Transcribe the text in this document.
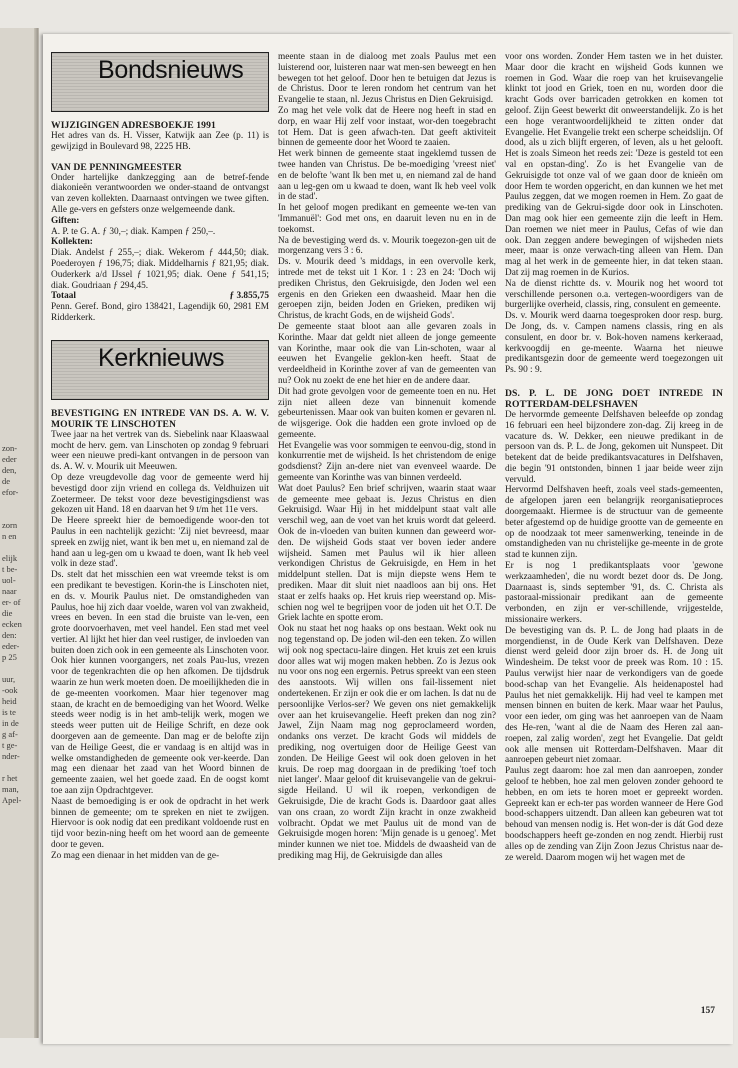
zon-
eder
den,
de
efor-
zorn
n en
elijk
t be-
uol-
naar
er- of
die
ecken
den:
eder-
p 25
uur,
-ook
heid
is te
in de
g af-
t ge-
nder-
r het
man,
Apel-
Bondsnieuws
WIJZIGINGEN ADRESBOEKJE 1991

Het adres van ds. H. Visser, Katwijk aan Zee (p. 11) is gewijzigd in Boulevard 98, 2225 HB.

VAN DE PENNINGMEESTER

Onder hartelijke dankzegging aan de betref-fende diakonieën verantwoorden we onder-staand de ontvangst van zeven kollekten. Daarnaast ontvingen we twee giften. Alle ge-vers en gefsters onze welgemeende dank.

Giften:

A. P. te G. A. ƒ 30,–; diak. Kampen ƒ 250,–.

Kollekten:

Diak. Andelst ƒ 255,–; diak. Wekerom ƒ 444,50; diak. Poederoyen ƒ 196,75; diak. Middelharnis ƒ 821,95; diak. Ouderkerk a/d IJssel ƒ 1021,95; diak. Oene ƒ 541,15; diak. Goudriaan ƒ 294,45.

Totaal	ƒ 3.855,75

Penn. Geref. Bond, giro 138421, Lagendijk 60, 2981 EM Ridderkerk.

Kerknieuws
BEVESTIGING EN INTREDE VAN DS. A. W. V. MOURIK TE LINSCHOTEN

Twee jaar na het vertrek van ds. Siebelink naar Klaaswaal mocht de herv. gem. van Linschoten op zondag 9 februari weer een nieuwe predi-kant ontvangen in de persoon van ds. A. W. v. Mourik uit Meeuwen.

Op deze vreugdevolle dag voor de gemeente werd hij bevestigd door zijn vriend en collega ds. Veldhuizen uit Zoetermeer. De tekst voor deze bevestigingsdienst was gekozen uit Hand. 18 en daarvan het 9 t/m het 11e vers.

De Heere spreekt hier de bemoedigende woor-den tot Paulus in een nachtelijk gezicht: 'Zij niet bevreesd, maar spreek en zwijg niet, want ik ben met u, en niemand zal de hand aan u leg-gen om u kwaad te doen, want Ik heb veel volk in deze stad'.

Ds. stelt dat het misschien een wat vreemde tekst is om een predikant te bevestigen. Korin-the is Linschoten niet, en ds. v. Mourik Paulus niet. De omstandigheden van Paulus, hoe hij zich daar voelde, waren vol van zwakheid, vrees en beven. In een stad die bruiste van le-ven, een grote doorvoerhaven, met veel handel. Een stad met veel vertier. Al lijkt het hier dan veel rustiger, de invloeden van buiten doen zich ook in een gemeente als Linschoten voor. Ook hier kunnen voorgangers, net zoals Pau-lus, vrezen voor de tegenkrachten die op hen afkomen. De tijdsdruk waarin ze hun werk moeten doen. De moeilijkheden die in de ge-meenten voorkomen. Maar hier tegenover mag staan, de kracht en de bemoediging van het Woord. Welke steeds weer nodig is in het amb-telijk werk, mogen we steeds weer putten uit de Heilige Schrift, en deze ook doorgeven aan de gemeente. Dan mag er de belofte zijn van de Heilige Geest, die er vandaag is en altijd was in welke omstandigheden de gemeente ook ver-keerde. Dan mag een dienaar het zaad van het Woord binnen de gemeente zaaien, wel het goede zaad. En de oogst komt toe aan zijn Opdrachtgever.

Naast de bemoediging is er ook de opdracht in het werk binnen de gemeente; om te spreken en niet te zwijgen. Hiervoor is ook nodig dat een predikant voldoende rust en tijd voor bezin-ning heeft om het woord aan de gemeente door te geven.

Zo mag een dienaar in het midden van de ge-

meente staan in de dialoog met zoals Paulus met een luisterend oor, luisteren naar wat men-sen beweegt en hen bewegen tot het geloof. Door hen te betuigen dat Jezus is de Christus. Door te leren rondom het centrum van het Evangelie te staan, nl. Jezus Christus en Dien Gekruisigd.

Zo mag het vele volk dat de Heere nog heeft in stad en dorp, en waar Hij zelf voor instaat, wor-den toegebracht tot Hem. Dat is geen afwach-ten. Dat geeft aktiviteit binnen de gemeente door het Woord te zaaien.

Het werk binnen de gemeente staat ingeklemd tussen de twee handen van Christus. De be-moediging 'vreest niet' en de belofte 'want Ik ben met u, en niemand zal de hand aan u leg-gen om u kwaad te doen, want Ik heb veel volk in de stad'.

In het geloof mogen predikant en gemeente we-ten van 'Immanuël': God met ons, en daaruit leven nu en in de toekomst.

Na de bevestiging werd ds. v. Mourik toegezon-gen uit de morgenzang vers 3 : 6.

Ds. v. Mourik deed 's middags, in een overvolle kerk, intrede met de tekst uit 1 Kor. 1 : 23 en 24: 'Doch wij prediken Christus, den Gekruisigde, den Joden wel een ergenis en den Grieken een dwaasheid. Maar hen die geroepen zijn, beiden Joden en Grieken, prediken wij Christus, de kracht Gods, en de wijsheid Gods'.

De gemeente staat bloot aan alle gevaren zoals in Korinthe. Maar dat geldt niet alleen de jonge gemeente van Korinthe, maar ook die van Lin-schoten, waar al eeuwen het Evangelie geklon-ken heeft. Staat de verdeeldheid in Korinthe zover af van de gemeenten van nu? Ook nu zoekt de ene het hier en de andere daar.

Dit had grote gevolgen voor de gemeente toen en nu. Het zijn niet alleen deze van binnenuit komende gebeurtenissen. Maar ook van buiten komen er gevaren nl. de wijsgerige. Ook die hadden een grote invloed op de gemeente.

Het Evangelie was voor sommigen te eenvou-dig, stond in konkurrentie met de wijsheid. Is het christendom de enige godsdienst? Zijn an-dere niet van evenveel waarde. De gemeente van Korinthe was van binnen verdeeld.

Wat doet Paulus? Een brief schrijven, waarin staat waar de gemeente mee gebaat is. Jezus Christus en dien Gekruisigd. Waar Hij in het middelpunt staat valt alle verschil weg, aan de voet van het kruis wordt dat geleerd. Ook de in-vloeden van buiten kunnen dan geweerd wor-den. De wijsheid Gods staat ver boven ieder andere wijsheid. Samen met Paulus wil ik hier alleen verkondigen Christus de Gekruisigde, en Hem in het middelpunt stellen. Dat is mijn diepste wens Hem te prediken. Maar dit sluit niet naadloos aan bij ons. Het staat er zelfs haaks op. Het kruis riep weerstand op. Mis-schien nog wel te begrijpen voor de joden uit het O.T. De Griek lachte en spotte erom.

Ook nu staat het nog haaks op ons bestaan. Wekt ook nu nog tegenstand op. De joden wil-den een teken. Zo willen wij ook nog spectacu-laire dingen. Het kruis zet een kruis door alles wat wij mogen maken hebben. Zo is Jezus ook nu voor ons nog een ergernis. Petrus spreekt van een steen des aanstoots. Wij willen ons fail-lissement niet ondertekenen. Er zijn er ook die er om lachen. Is dat nu de persoonlijke Verlos-ser? We geven ons niet gemakkelijk over aan het kruisevangelie. Heeft preken dan nog zin? Jawel, Zijn Naam mag nog geproclameerd worden, ondanks ons verzet. De kracht Gods wil middels de prediking, nog overtuigen door de Heilige Geest van zonden. De Heilige Geest wil ook doen geloven in het kruis. De roep mag doorgaan in de prediking 'toef toch niet langer'. Maar geloof dit kruisevangelie van de gekrui-sigde Heiland. U wil ik roepen, verkondigen de Gekruisigde, Die de kracht Gods is. Daardoor gaat alles van ons craan, zo wordt Zijn kracht in onze zwakheid volbracht. Opdat we met Paulus uit de mond van de Gekruisigde mogen horen: 'Mijn genade is u genoeg'. Met minder kunnen we niet toe. Middels de dwaasheid van de prediking mag Hij, de Gekruisigde dan alles

voor ons worden. Zonder Hem tasten we in het duister. Maar door die kracht en wijsheid Gods kunnen we roemen in God. Waar die roep van het kruisevangelie klinkt tot jood en Griek, toen en nu, worden door die kracht Gods over barricaden getrokken en komen tot geloof. Zijn Geest bewerkt dit onweerstandelijk. Zo is het een hoge verantwoordelijkheid te zitten onder dat Evangelie. Het Evangelie trekt een scherpe scheidslijn. Of dood, als u zich blijft ergeren, of leven, als u het gelooft. Het is zoals Simeon het reeds zei: 'Deze is gesteld tot een val en opstan-ding'. Zo is het Evangelie van de Gekruisigde tot onze val of we gaan door de knieën om door Hem te worden opgericht, en dan kunnen we het met Paulus zeggen, dat we mogen roemen in Hem. Zo gaat de prediking van de Gekrui-sigde door ook in Linschoten. Dan mag ook hier een gemeente zijn die leeft in Hem. Dan roemen we niet meer in Paulus, Cefas of wie dan ook. Dan zeggen andere bewegingen of wijsheden niets meer, maar is onze verwach-ting alleen van Hem. Dan mag al het werk in de gemeente hier, in dat teken staan. Dat zij mag roemen in de Kurios.

Na de dienst richtte ds. v. Mourik nog het woord tot verschillende personen o.a. vertegen-woordigers van de burgerlijke overheid, classis, ring, consulent en gemeente.

Ds. v. Mourik werd daarna toegesproken door resp. burg. De Jong, ds. v. Campen namens classis, ring en als consulent, en door br. v. Bok-hoven namens kerkeraad, kerkvoogdij en ge-meente. Waarna het nieuwe predikantsgezin door de gemeente werd toegezongen uit Ps. 90 : 9.

DS. P. L. DE JONG DOET INTREDE IN ROTTERDAM-DELFSHAVEN

De hervormde gemeente Delfshaven beleefde op zondag 16 februari een heel bijzondere zon-dag. Zij kreeg in de vacature ds. W. Dekker, een nieuwe predikant in de persoon van ds. P. L. de Jong, gekomen uit Nunspeet. Dit betekent dat de beide predikantsvacatures in Delfshaven, die begin '91 ontstonden, binnen 1 jaar beide weer zijn vervuld.

Hervormd Delfshaven heeft, zoals veel stads-gemeenten, de afgelopen jaren een belangrijk reorganisatieproces doorgemaakt. Hiermee is de structuur van de gemeente beter afgestemd op de huidige grootte van de gemeente en op de noodzaak tot meer samenwerking, teneinde in de omstandigheden van nu christelijke ge-meente in de grote stad te kunnen zijn.

Er is nog 1 predikantsplaats voor 'gewone werkzaamheden', die nu wordt bezet door ds. De Jong. Daarnaast is, sinds september '91, ds. C. Christa als pastoraal-missionair predikant aan de gemeente verbonden, en zijn er ver-schillende, vrijgestelde, missionaire werkers.

De bevestiging van ds. P. L. de Jong had plaats in de morgendienst, in de Oude Kerk van Delfshaven. Deze dienst werd geleid door zijn broer ds. H. de Jong uit Windesheim. De tekst voor de preek was Rom. 10 : 15. Paulus verwijst hier naar de verkondigers van de goede bood-schap van het Evangelie. Als heidenapostel had Paulus het niet gemakkelijk. Hij had veel te kampen met mensen binnen en buiten de kerk. Maar waar het Paulus, voor een ieder, om ging was het aanroepen van de Naam des He-ren, 'want al die de Naam des Heren zal aan-roepen, zal zalig worden', zegt het Evangelie. Dat geldt ook alle mensen uit Rotterdam-Delfshaven. Maar dit aanroepen gebeurt niet zomaar.

Paulus zegt daarom: hoe zal men dan aanroepen, zonder geloof te hebben, hoe zal men geloven zonder gehoord te hebben, en om iets te horen moet er gepreekt worden. Gepreekt kan er ech-ter pas worden wanneer de Here God bood-schappers uitzendt. Dan alleen kan gebeuren wat tot behoud van mensen nodig is. Het won-der is dát God deze boodschappers heeft ge-zonden en nog zendt. Hierbij rust alles op de zending van Zijn Zoon Jezus Christus naar de-ze wereld. Daarom mogen wij het wagen met de

157
